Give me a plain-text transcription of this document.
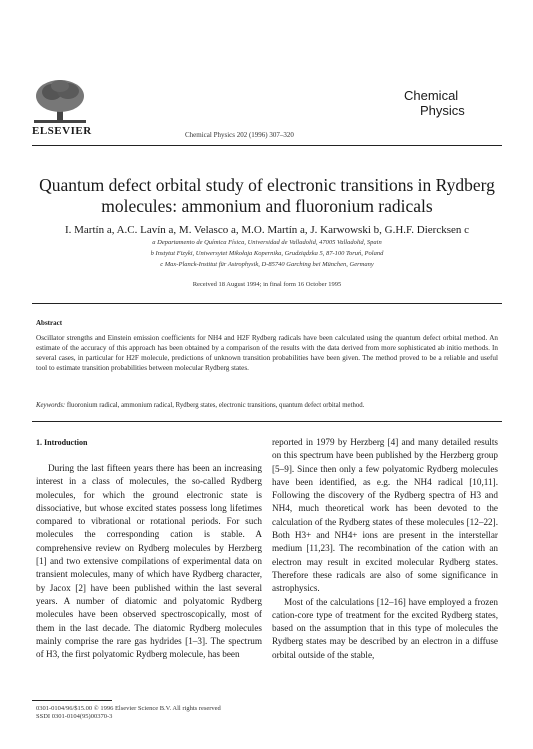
ELSEVIER
Chemical
Physics
Chemical Physics 202 (1996) 307–320
Quantum defect orbital study of electronic transitions in Rydberg
molecules: ammonium and fluoronium radicals
I. Martín a, A.C. Lavín a, M. Velasco a, M.O. Martín a, J. Karwowski b, G.H.F. Diercksen c
a Departamento de Química Física, Universidad de Valladolid, 47005 Valladolid, Spain
b Instytut Fizyki, Uniwersytet Mikołaja Kopernika, Grudziądzka 5, 87-100 Toruń, Poland
c Max-Planck-Institut für Astrophysik, D-85740 Garching bei München, Germany
Received 18 August 1994; in final form 16 October 1995
Abstract
Oscillator strengths and Einstein emission coefficients for NH4 and H2F Rydberg radicals have been calculated using the quantum defect orbital method. An estimate of the accuracy of this approach has been obtained by a comparison of the results with the data derived from more sophisticated ab initio methods. In several cases, in particular for H2F molecule, predictions of unknown transition probabilities have been given. The method proved to be a reliable and useful tool to estimate transition probabilities between molecular Rydberg states.
Keywords: fluoronium radical, ammonium radical, Rydberg states, electronic transitions, quantum defect orbital method.
1. Introduction

During the last fifteen years there has been an increasing interest in a class of molecules, the so-called Rydberg molecules, for which the ground electronic state is dissociative, but whose excited states possess long lifetimes compared to vibrational or rotational periods. For such molecules the corresponding cation is stable. A comprehensive review on Rydberg molecules by Herzberg [1] and two extensive compilations of experimental data on transient molecules, many of which have Rydberg character, by Jacox [2] have been published within the last several years. A number of diatomic and polyatomic Rydberg molecules have been observed spectroscopically, most of them in the last decade. The diatomic Rydberg molecules mainly comprise the rare gas hydrides [1–3]. The spectrum of H3, the first polyatomic Rydberg molecule, has been

reported in 1979 by Herzberg [4] and many detailed results on this spectrum have been published by the Herzberg group [5–9]. Since then only a few polyatomic Rydberg molecules have been identified, as e.g. the NH4 radical [10,11]. Following the discovery of the Rydberg spectra of H3 and NH4, much theoretical work has been devoted to the calculation of the Rydberg states of these molecules [12–22]. Both H3+ and NH4+ ions are present in the interstellar medium [11,23]. The recombination of the cation with an electron may result in excited molecular Rydberg states. Therefore these radicals are also of some significance in astrophysics.

Most of the calculations [12–16] have employed a frozen cation-core type of treatment for the excited Rydberg states, based on the assumption that in this type of molecules the Rydberg states may be described by an electron in a diffuse orbital outside of the stable,

0301-0104/96/$15.00 © 1996 Elsevier Science B.V. All rights reserved
SSDI 0301-0104(95)00370-3
